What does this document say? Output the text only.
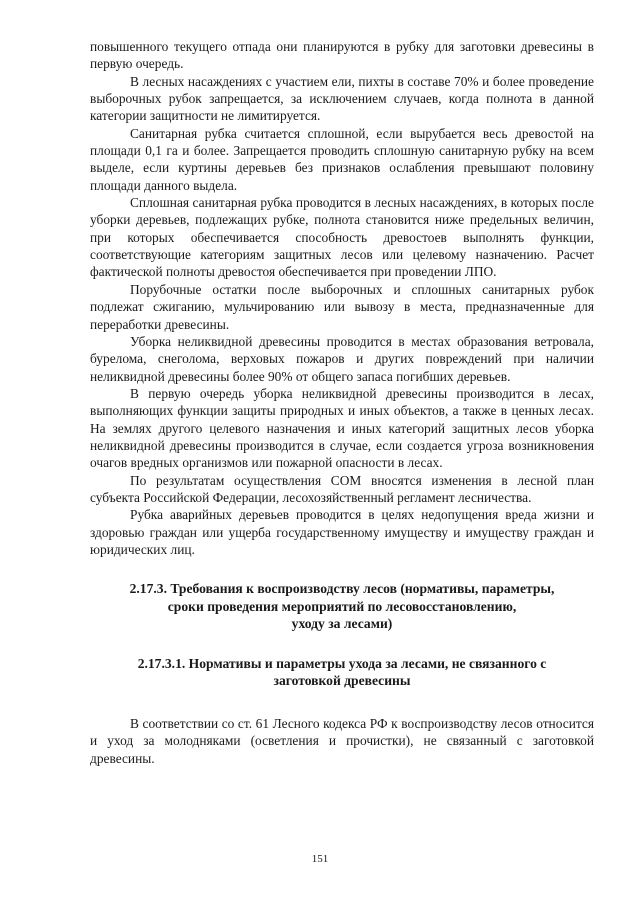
повышенного текущего отпада они планируются в рубку для заготовки древесины в первую очередь.

В лесных насаждениях с участием ели, пихты в составе 70% и более проведение выборочных рубок запрещается, за исключением случаев, когда полнота в данной категории защитности не лимитируется.

Санитарная рубка считается сплошной, если вырубается весь древостой на площади 0,1 га и более. Запрещается проводить сплошную санитарную рубку на всем выделе, если куртины деревьев без признаков ослабления превышают половину площади данного выдела.

Сплошная санитарная рубка проводится в лесных насаждениях, в которых после уборки деревьев, подлежащих рубке, полнота становится ниже предельных величин, при которых обеспечивается способность древостоев выполнять функции, соответствующие категориям защитных лесов или целевому назначению. Расчет фактической полноты древостоя обеспечивается при проведении ЛПО.

Порубочные остатки после выборочных и сплошных санитарных рубок подлежат сжиганию, мульчированию или вывозу в места, предназначенные для переработки древесины.

Уборка неликвидной древесины проводится в местах образования ветровала, бурелома, снеголома, верховых пожаров и других повреждений при наличии неликвидной древесины более 90% от общего запаса погибших деревьев.

В первую очередь уборка неликвидной древесины производится в лесах, выполняющих функции защиты природных и иных объектов, а также в ценных лесах. На землях другого целевого назначения и иных категорий защитных лесов уборка неликвидной древесины производится в случае, если создается угроза возникновения очагов вредных организмов или пожарной опасности в лесах.

По результатам осуществления СОМ вносятся изменения в лесной план субъекта Российской Федерации, лесохозяйственный регламент лесничества.

Рубка аварийных деревьев проводится в целях недопущения вреда жизни и здоровью граждан или ущерба государственному имуществу и имуществу граждан и юридических лиц.

2.17.3. Требования к воспроизводству лесов (нормативы, параметры,

сроки проведения мероприятий по лесовосстановлению,

уходу за лесами)

2.17.3.1. Нормативы и параметры ухода за лесами, не связанного с

заготовкой древесины

В соответствии со ст. 61 Лесного кодекса РФ к воспроизводству лесов относится и уход за молодняками (осветления и прочистки), не связанный с заготовкой древесины.

151
